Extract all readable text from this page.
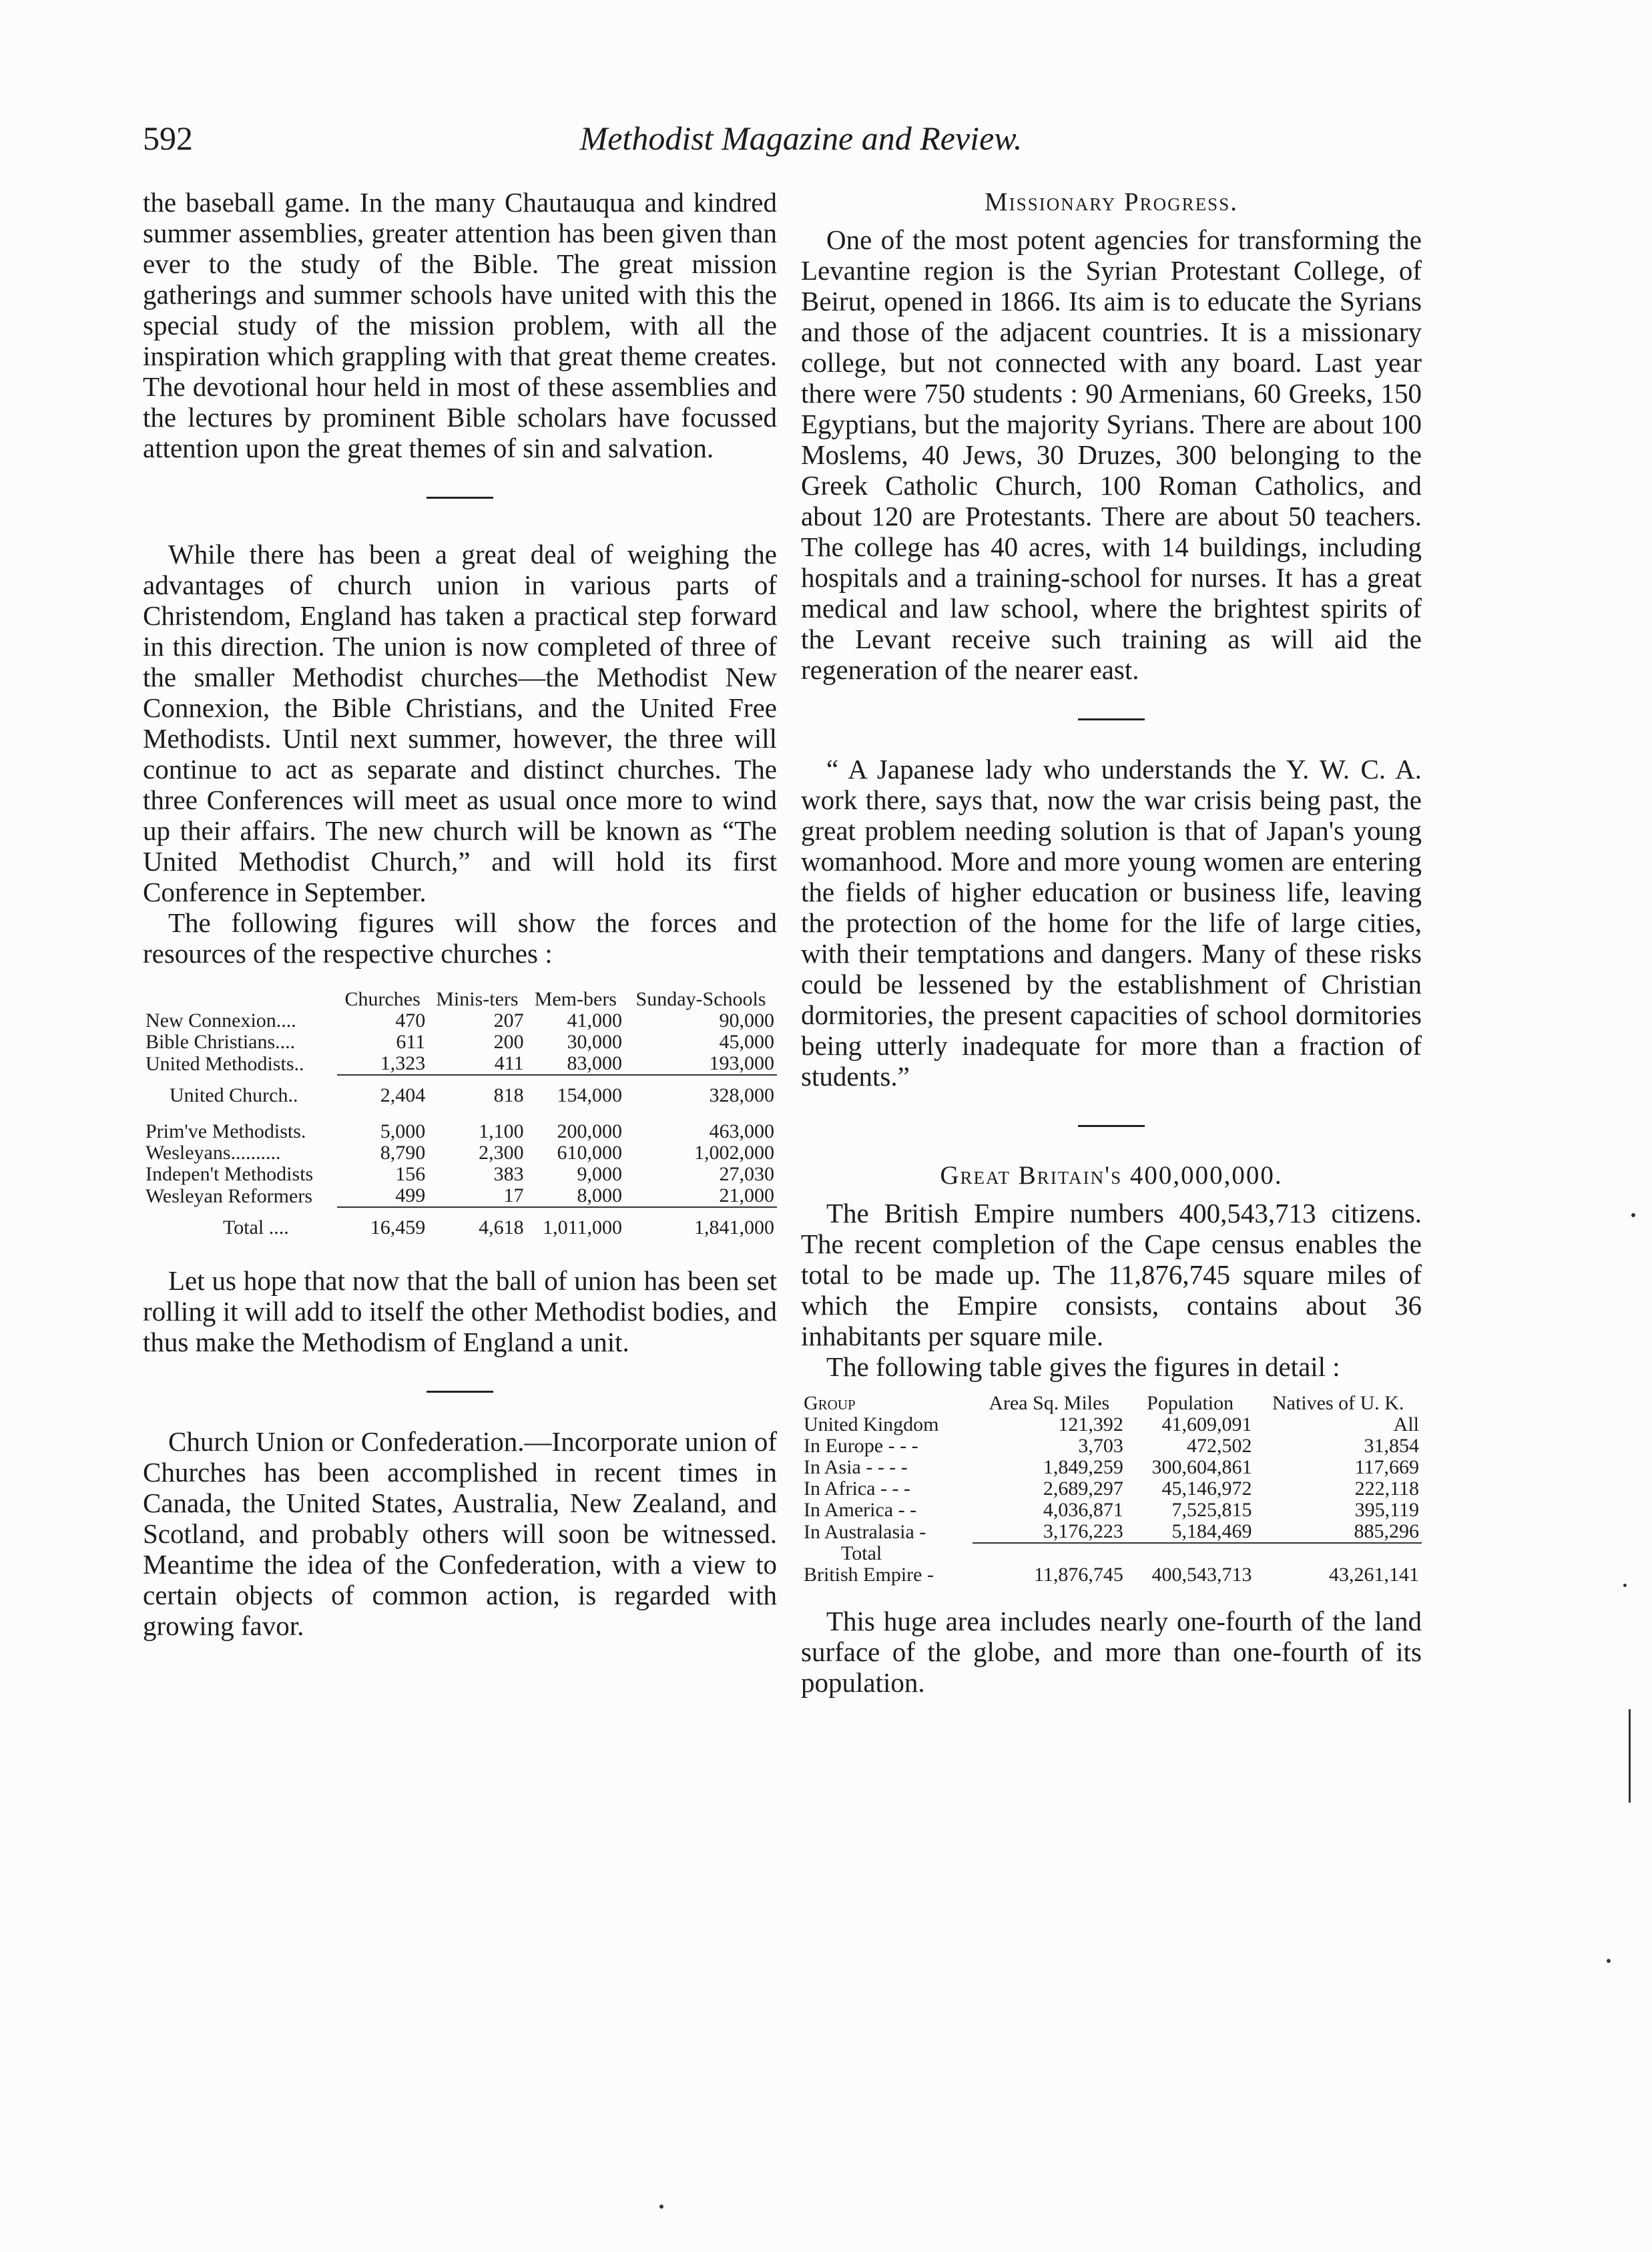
592	Methodist Magazine and Review.

the baseball game. In the many Chautauqua and kindred summer assemblies, greater attention has been given than ever to the study of the Bible. The great mission gatherings and summer schools have united with this the special study of the mission problem, with all the inspiration which grappling with that great theme creates. The devotional hour held in most of these assemblies and the lectures by prominent Bible scholars have focussed attention upon the great themes of sin and salvation.

While there has been a great deal of weighing the advantages of church union in various parts of Christendom, England has taken a practical step forward in this direction. The union is now completed of three of the smaller Methodist churches—the Methodist New Connexion, the Bible Christians, and the United Free Methodists. Until next summer, however, the three will continue to act as separate and distinct churches. The three Conferences will meet as usual once more to wind up their affairs. The new church will be known as “The United Methodist Church,” and will hold its first Conference in September.

The following figures will show the forces and resources of the respective churches :

	Churches	Minis-ters	Mem-bers	Sunday-Schools
New Connexion....	470	207	41,000	90,000
Bible Christians....	611	200	30,000	45,000
United Methodists..	1,323	411	83,000	193,000
United Church..	2,404	818	154,000	328,000

Prim've Methodists.	5,000	1,100	200,000	463,000
Wesleyans..........	8,790	2,300	610,000	1,002,000
Indepen't Methodists	156	383	9,000	27,030
Wesleyan Reformers	499	17	8,000	21,000
Total ....	16,459	4,618	1,011,000	1,841,000

Let us hope that now that the ball of union has been set rolling it will add to itself the other Methodist bodies, and thus make the Methodism of England a unit.

Church Union or Confederation.—Incorporate union of Churches has been accomplished in recent times in Canada, the United States, Australia, New Zealand, and Scotland, and probably others will soon be witnessed. Meantime the idea of the Confederation, with a view to certain objects of common action, is regarded with growing favor.

Missionary Progress.

One of the most potent agencies for transforming the Levantine region is the Syrian Protestant College, of Beirut, opened in 1866. Its aim is to educate the Syrians and those of the adjacent countries. It is a missionary college, but not connected with any board. Last year there were 750 students : 90 Armenians, 60 Greeks, 150 Egyptians, but the majority Syrians. There are about 100 Moslems, 40 Jews, 30 Druzes, 300 belonging to the Greek Catholic Church, 100 Roman Catholics, and about 120 are Protestants. There are about 50 teachers. The college has 40 acres, with 14 buildings, including hospitals and a training-school for nurses. It has a great medical and law school, where the brightest spirits of the Levant receive such training as will aid the regeneration of the nearer east.

“ A Japanese lady who understands the Y. W. C. A. work there, says that, now the war crisis being past, the great problem needing solution is that of Japan's young womanhood. More and more young women are entering the fields of higher education or business life, leaving the protection of the home for the life of large cities, with their temptations and dangers. Many of these risks could be lessened by the establishment of Christian dormitories, the present capacities of school dormitories being utterly inadequate for more than a fraction of students.”

Great Britain's 400,000,000.

The British Empire numbers 400,543,713 citizens. The recent completion of the Cape census enables the total to be made up. The 11,876,745 square miles of which the Empire consists, contains about 36 inhabitants per square mile.

The following table gives the figures in detail :

Group	Area Sq. Miles	Population	Natives of U. K.
United Kingdom	121,392	41,609,091	All
In Europe - - -	3,703	472,502	31,854
In Asia - - - -	1,849,259	300,604,861	117,669
In Africa - - -	2,689,297	45,146,972	222,118
In America - -	4,036,871	7,525,815	395,119
In Australasia -	3,176,223	5,184,469	885,296
Total			
British Empire -	11,876,745	400,543,713	43,261,141

This huge area includes nearly one-fourth of the land surface of the globe, and more than one-fourth of its population.
